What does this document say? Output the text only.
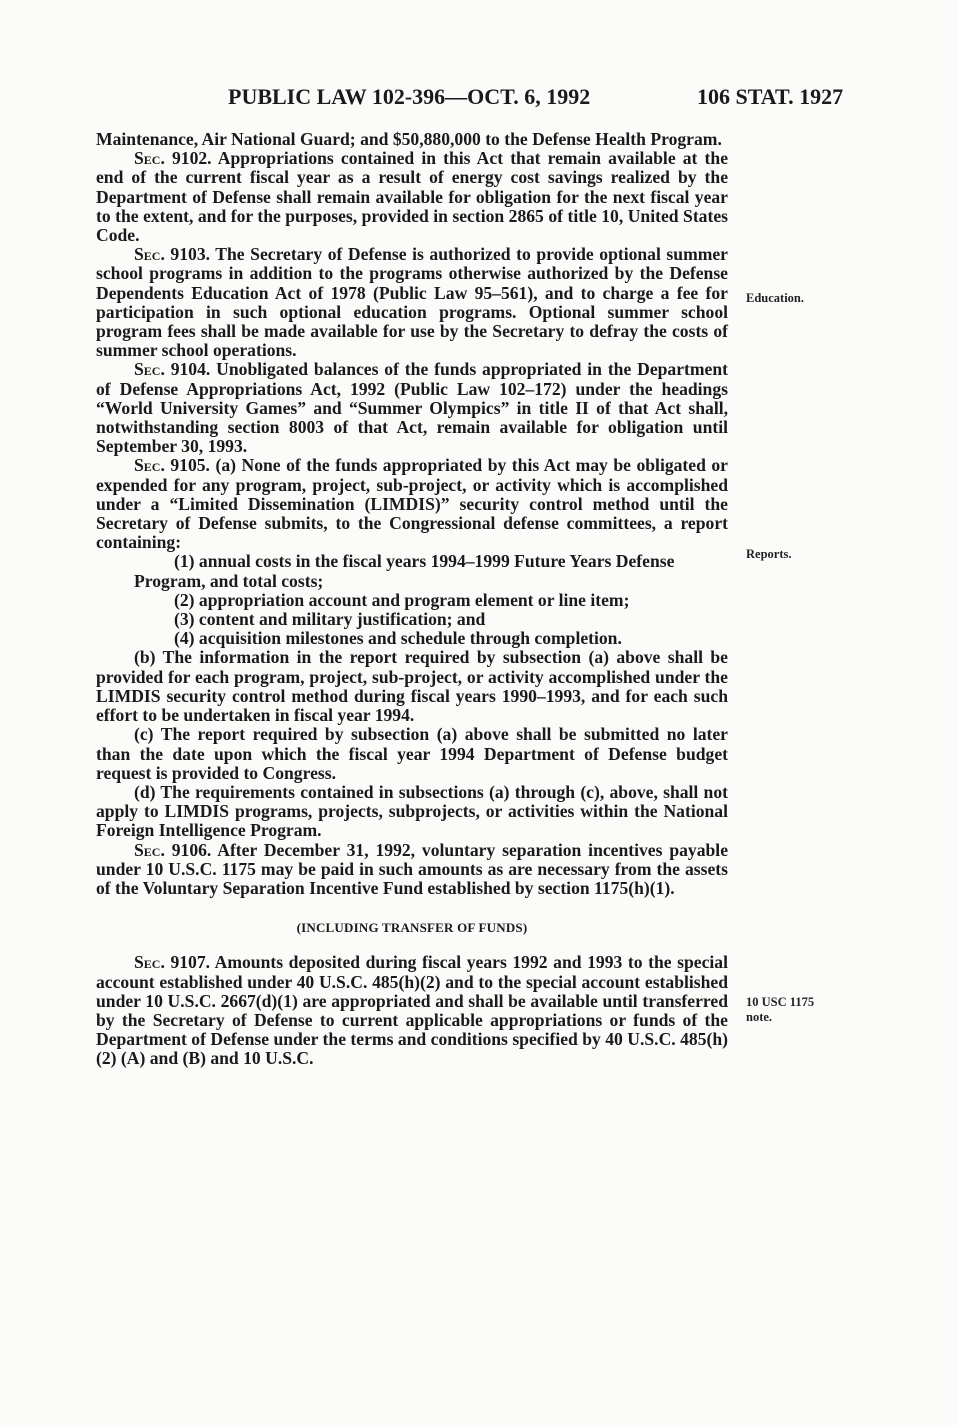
PUBLIC LAW 102-396—OCT. 6, 1992	106 STAT. 1927

Maintenance, Air National Guard; and $50,880,000 to the Defense Health Program.

Sec. 9102. Appropriations contained in this Act that remain available at the end of the current fiscal year as a result of energy cost savings realized by the Department of Defense shall remain available for obligation for the next fiscal year to the extent, and for the purposes, provided in section 2865 of title 10, United States Code.

Sec. 9103. The Secretary of Defense is authorized to provide optional summer school programs in addition to the programs otherwise authorized by the Defense Dependents Education Act of 1978 (Public Law 95–561), and to charge a fee for participation in such optional education programs. Optional summer school program fees shall be made available for use by the Secretary to defray the costs of summer school operations.

Sec. 9104. Unobligated balances of the funds appropriated in the Department of Defense Appropriations Act, 1992 (Public Law 102–172) under the headings “World University Games” and “Summer Olympics” in title II of that Act shall, notwithstanding section 8003 of that Act, remain available for obligation until September 30, 1993.

Sec. 9105. (a) None of the funds appropriated by this Act may be obligated or expended for any program, project, sub-project, or activity which is accomplished under a “Limited Dissemination (LIMDIS)” security control method until the Secretary of Defense submits, to the Congressional defense committees, a report containing:

(1) annual costs in the fiscal years 1994–1999 Future Years Defense Program, and total costs;

(2) appropriation account and program element or line item;

(3) content and military justification; and

(4) acquisition milestones and schedule through completion.

(b) The information in the report required by subsection (a) above shall be provided for each program, project, sub-project, or activity accomplished under the LIMDIS security control method during fiscal years 1990–1993, and for each such effort to be undertaken in fiscal year 1994.

(c) The report required by subsection (a) above shall be submitted no later than the date upon which the fiscal year 1994 Department of Defense budget request is provided to Congress.

(d) The requirements contained in subsections (a) through (c), above, shall not apply to LIMDIS programs, projects, subprojects, or activities within the National Foreign Intelligence Program.

Sec. 9106. After December 31, 1992, voluntary separation incentives payable under 10 U.S.C. 1175 may be paid in such amounts as are necessary from the assets of the Voluntary Separation Incentive Fund established by section 1175(h)(1).

(INCLUDING TRANSFER OF FUNDS)

Sec. 9107. Amounts deposited during fiscal years 1992 and 1993 to the special account established under 40 U.S.C. 485(h)(2) and to the special account established under 10 U.S.C. 2667(d)(1) are appropriated and shall be available until transferred by the Secretary of Defense to current applicable appropriations or funds of the Department of Defense under the terms and conditions specified by 40 U.S.C. 485(h)(2) (A) and (B) and 10 U.S.C.

Education.
Reports.
10 USC 1175
note.
